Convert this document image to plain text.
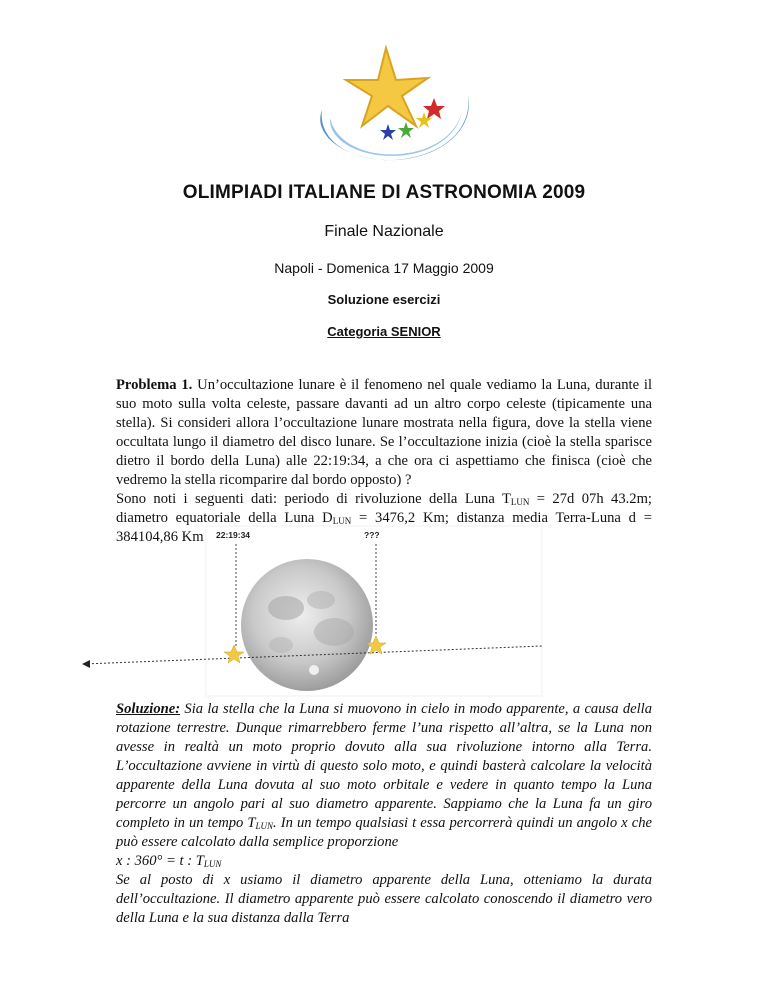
OLIMPIADI ITALIANE DI ASTRONOMIA 2009
Finale Nazionale
Napoli - Domenica 17 Maggio 2009
Soluzione esercizi
Categoria SENIOR
Problema 1. Un’occultazione lunare è il fenomeno nel quale vediamo la Luna, durante il suo moto sulla volta celeste, passare davanti ad un altro corpo celeste (tipicamente una stella). Si consideri allora l’occultazione lunare mostrata nella figura, dove la stella viene occultata lungo il diametro del disco lunare. Se l’occultazione inizia (cioè la stella sparisce dietro il bordo della Luna) alle 22:19:34, a che ora ci aspettiamo che finisca (cioè che vedremo la stella ricomparire dal bordo opposto) ?
Sono noti i seguenti dati: periodo di rivoluzione della Luna $T_{LUN} = 27d$ 07h 43.2m; diametro equatoriale della Luna $D_{LUN} = 3476,2$ Km; distanza media Terra-Luna d = 384104,86 Km	22:19:34	???
Soluzione: Sia la stella che la Luna si muovono in cielo in modo apparente, a causa della rotazione terrestre. Dunque rimarrebbero ferme l’una rispetto all’altra, se la Luna non avesse in realtà un moto proprio dovuto alla sua rivoluzione intorno alla Terra. L’occultazione avviene in virtù di questo solo moto, e quindi basterà calcolare la velocità apparente della Luna dovuta al suo moto orbitale e vedere in quanto tempo la Luna percorre un angolo pari al suo diametro apparente. Sappiamo che la Luna fa un giro completo in un tempo $T_{LUN}$. In un tempo qualsiasi t essa percorrerà quindi un angolo x che può essere calcolato dalla semplice proporzione
x : 360° = t : $T_{LUN}$
Se al posto di x usiamo il diametro apparente della Luna, otteniamo la durata dell’occultazione. Il diametro apparente può essere calcolato conoscendo il diametro vero della Luna e la sua distanza dalla Terra
